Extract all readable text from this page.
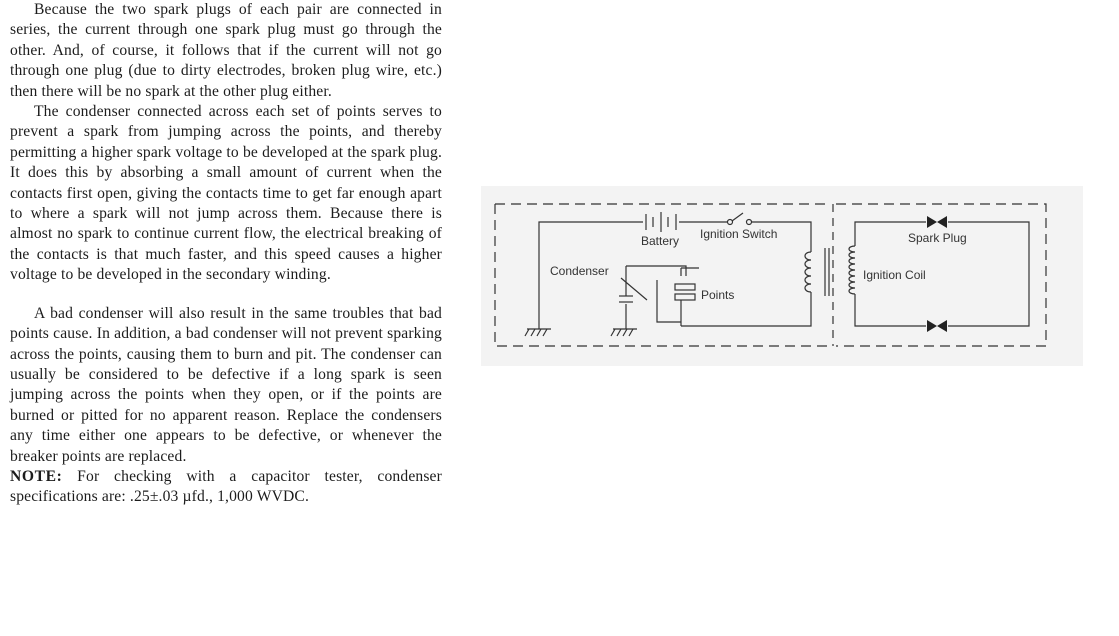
Because the two spark plugs of each pair are connected in series, the current through one spark plug must go through the other. And, of course, it follows that if the current will not go through one plug (due to dirty electrodes, broken plug wire, etc.) then there will be no spark at the other plug either.

The condenser connected across each set of points serves to prevent a spark from jumping across the points, and thereby permitting a higher spark voltage to be developed at the spark plug. It does this by absorbing a small amount of current when the contacts first open, giving the contacts time to get far enough apart to where a spark will not jump across them. Because there is almost no spark to continue current flow, the electrical breaking of the contacts is that much faster, and this speed causes a higher voltage to be developed in the secondary winding.

A bad condenser will also result in the same troubles that bad points cause. In addition, a bad condenser will not prevent sparking across the points, causing them to burn and pit. The condenser can usually be considered to be defective if a long spark is seen jumping across the points when they open, or if the points are burned or pitted for no apparent reason. Replace the condensers any time either one appears to be defective, or whenever the breaker points are replaced.

NOTE: For checking with a capacitor tester, condenser specifications are: .25±.03 µfd., 1,000 WVDC.

Battery Ignition Switch
Condenser
Points
Spark Plug
Ignition Coil
